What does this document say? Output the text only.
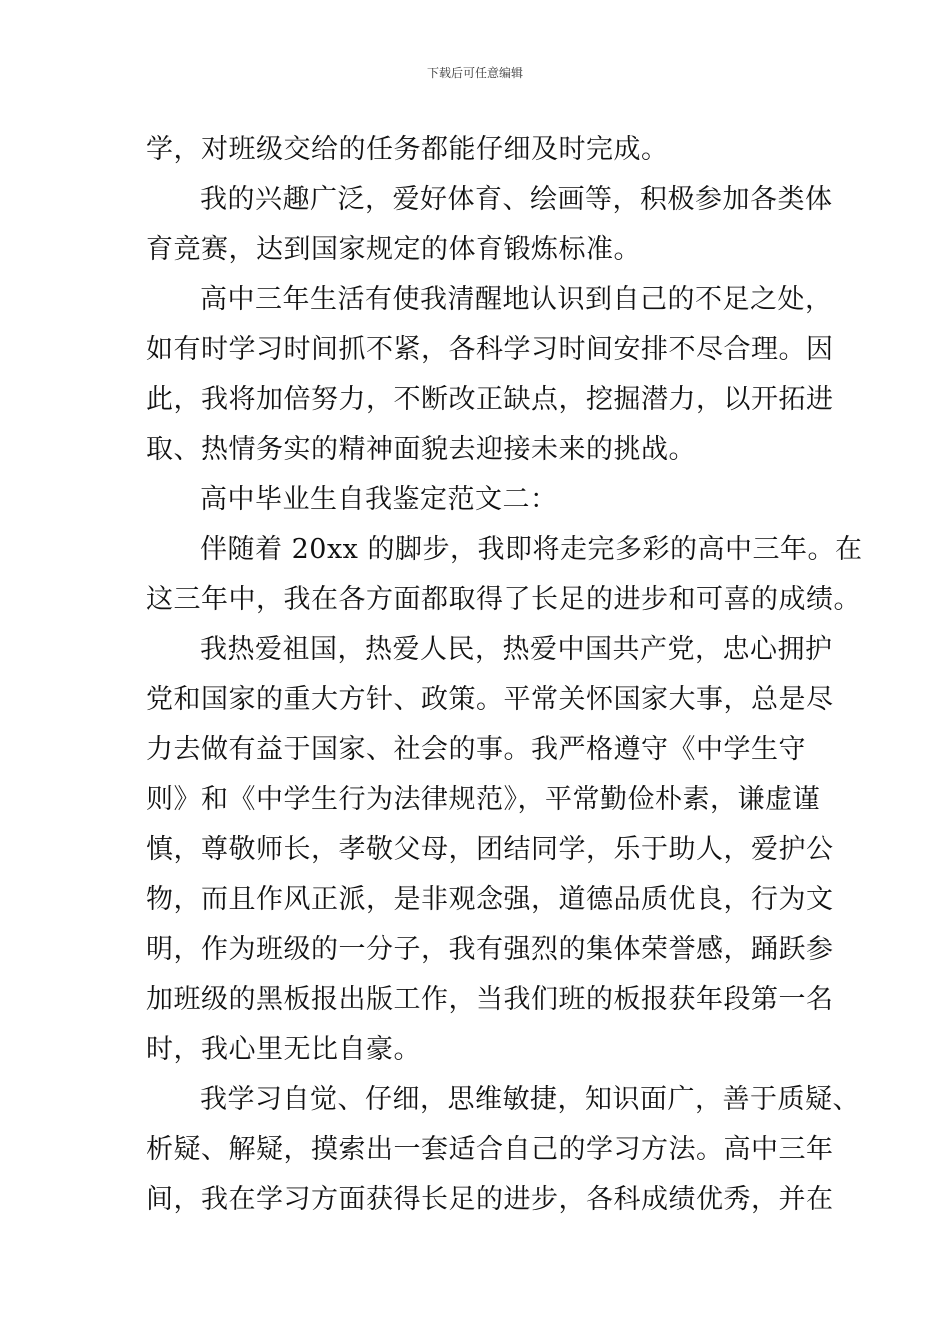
下载后可任意编辑
学，对班级交给的任务都能仔细及时完成。
我的兴趣广泛，爱好体育、绘画等，积极参加各类体
育竞赛，达到国家规定的体育锻炼标准。
高中三年生活有使我清醒地认识到自己的不足之处，
如有时学习时间抓不紧，各科学习时间安排不尽合理。因
此，我将加倍努力，不断改正缺点，挖掘潜力，以开拓进
取、热情务实的精神面貌去迎接未来的挑战。
高中毕业生自我鉴定范文二：
伴随着 20xx 的脚步，我即将走完多彩的高中三年。在
这三年中，我在各方面都取得了长足的进步和可喜的成绩。
我热爱祖国，热爱人民，热爱中国共产党，忠心拥护
党和国家的重大方针、政策。平常关怀国家大事，总是尽
力去做有益于国家、社会的事。我严格遵守《中学生守
则》和《中学生行为法律规范》，平常勤俭朴素，谦虚谨
慎，尊敬师长，孝敬父母，团结同学，乐于助人，爱护公
物，而且作风正派，是非观念强，道德品质优良，行为文
明，作为班级的一分子，我有强烈的集体荣誉感，踊跃参
加班级的黑板报出版工作，当我们班的板报获年段第一名
时，我心里无比自豪。
我学习自觉、仔细，思维敏捷，知识面广，善于质疑、
析疑、解疑，摸索出一套适合自己的学习方法。高中三年
间，我在学习方面获得长足的进步，各科成绩优秀，并在
